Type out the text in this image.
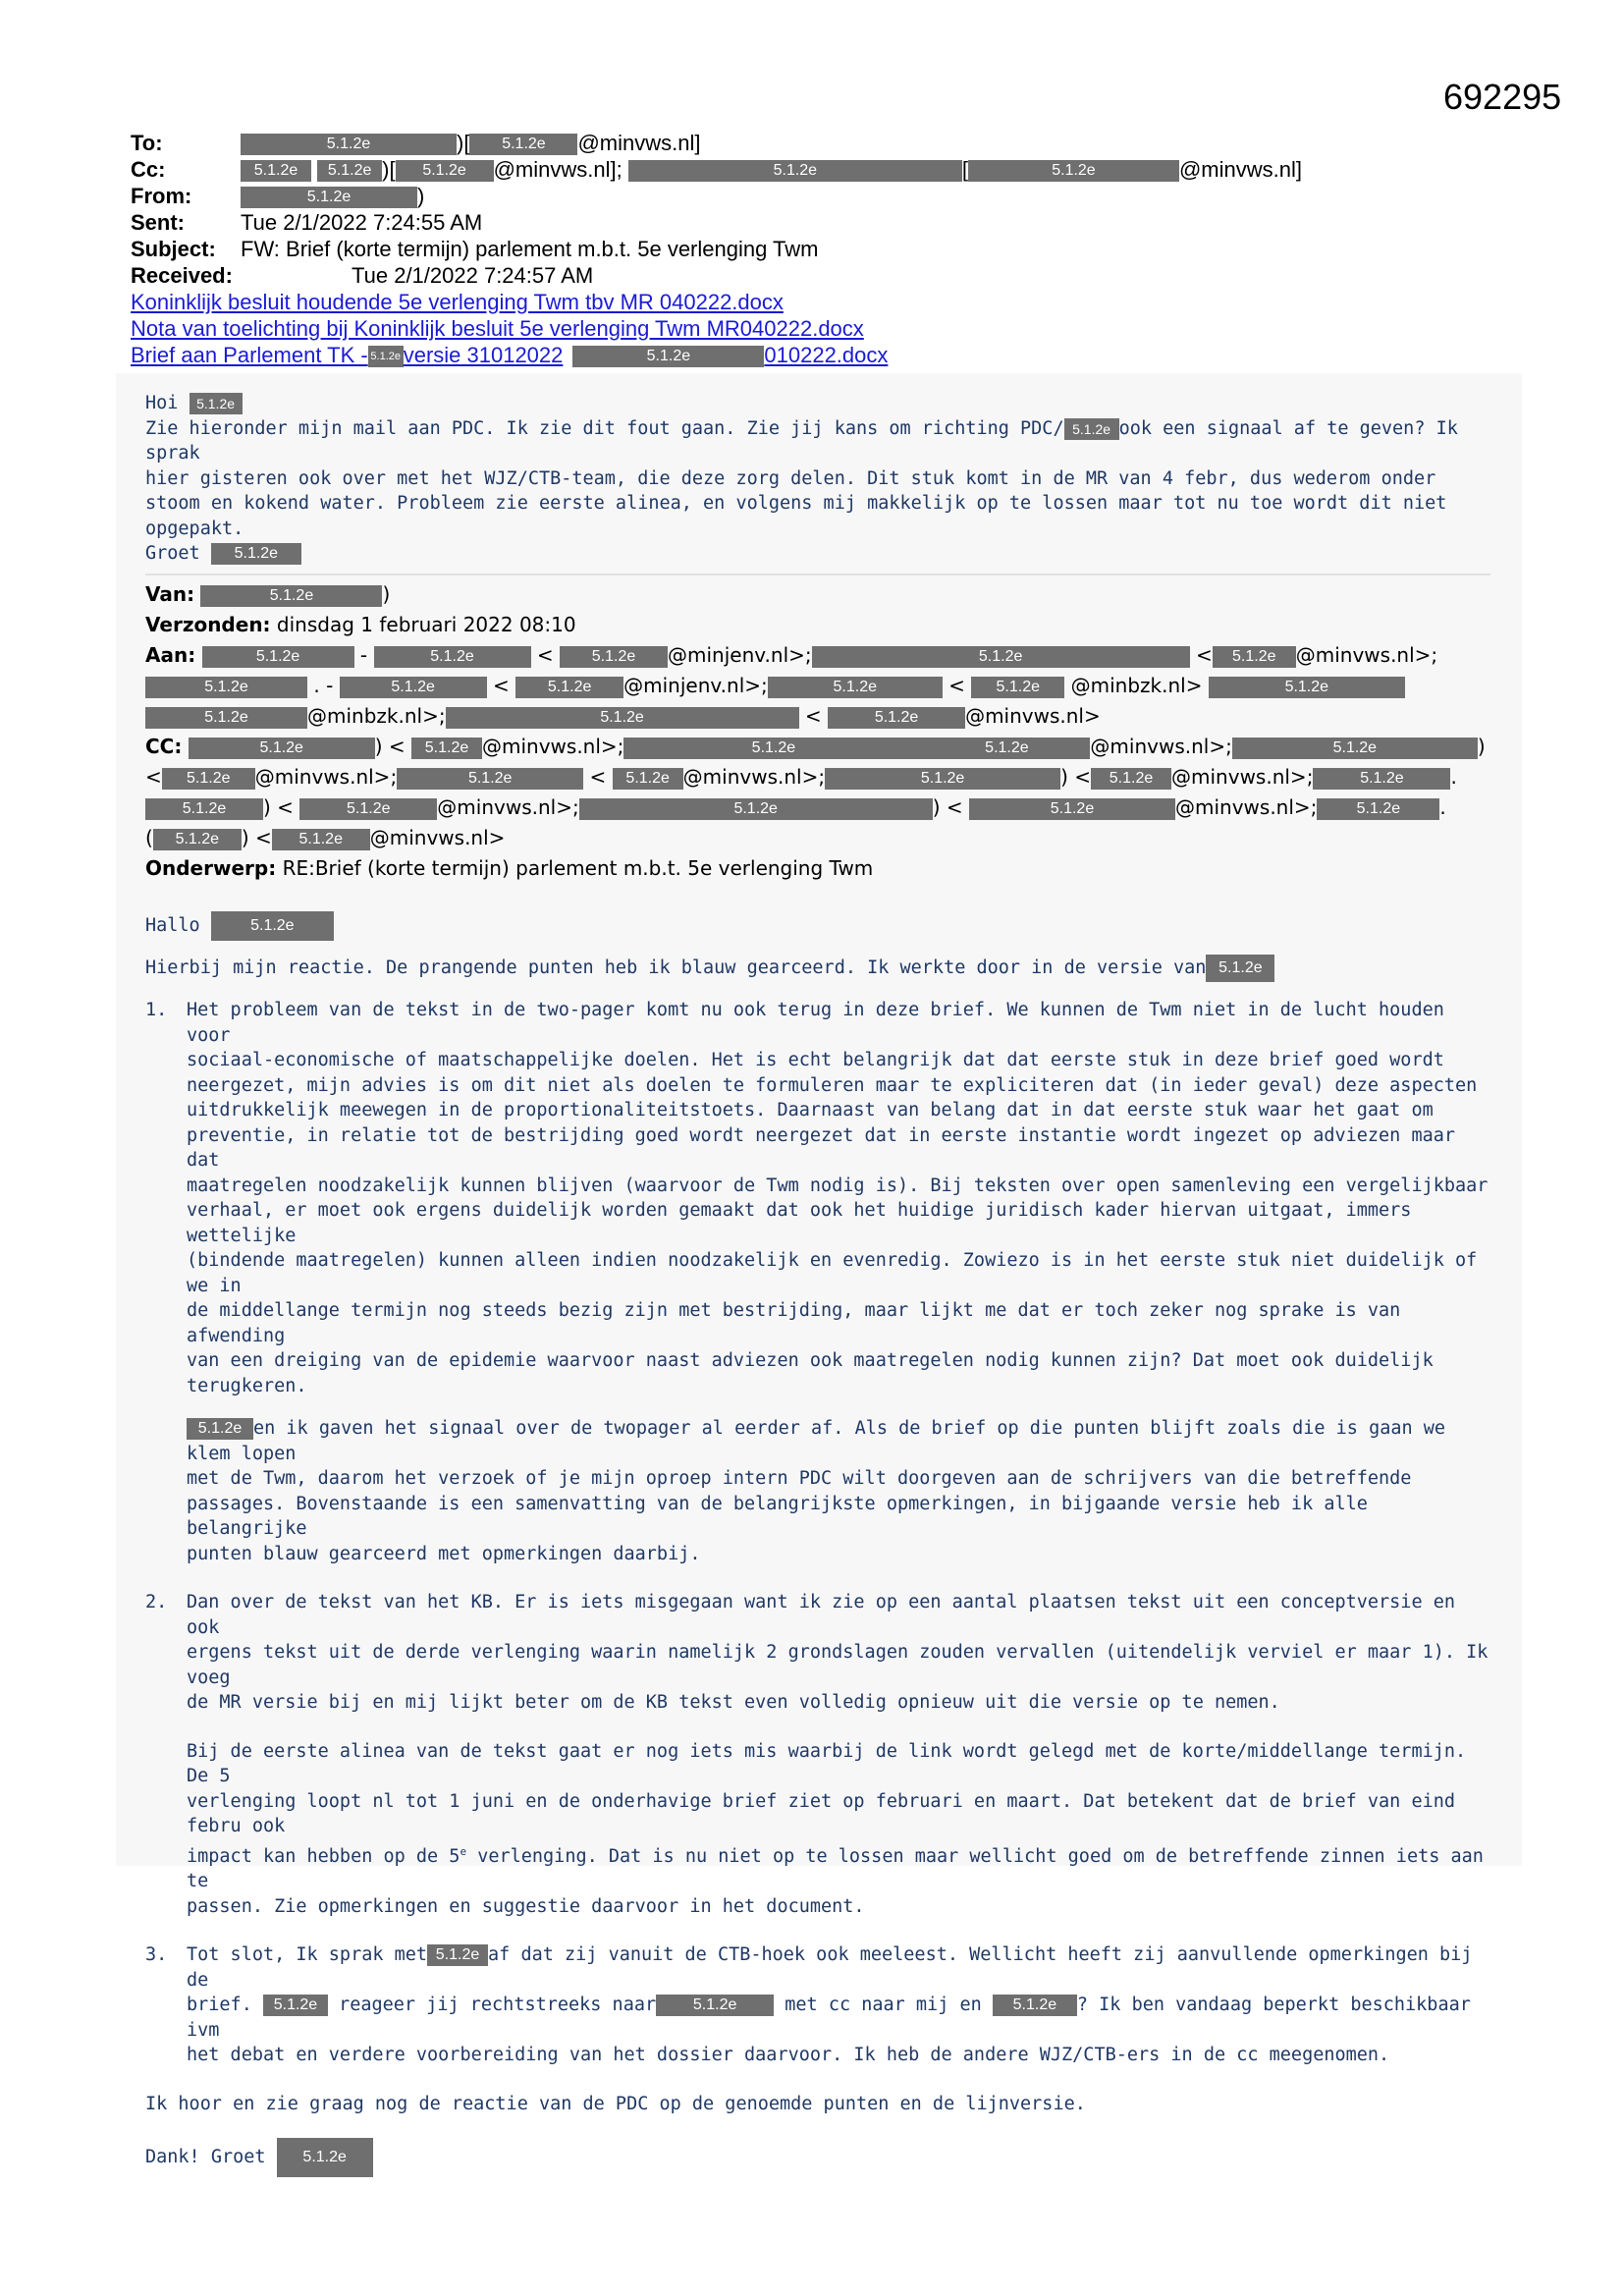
692295
To:	5.1.2e	)[ 5.1.2e @minvws.nl]
Cc:	5.1.2e 5.1.2e )[ 5.1.2e @minvws.nl];	5.1.2e	[	5.1.2e	@minvws.nl]
From:	5.1.2e	)
Sent:	Tue 2/1/2022 7:24:55 AM
Subject: FW: Brief (korte termijn) parlement m.b.t. 5e verlenging Twm
Received:	Tue 2/1/2022 7:24:57 AM
Koninklijk besluit houdende 5e verlenging Twm tbv MR 040222.docx
Nota van toelichting bij Koninklijk besluit 5e verlenging Twm MR040222.docx
Brief aan Parlement TK - 5.1.2e versie 31012022	5.1.2e	010222.docx
Hoi 5.1.2e
Zie hieronder mijn mail aan PDC. Ik zie dit fout gaan. Zie jij kans om richting PDC/ 5.1.2e ook een signaal af te geven? Ik sprak
hier gisteren ook over met het WJZ/CTB-team, die deze zorg delen. Dit stuk komt in de MR van 4 febr, dus wederom onder
stoom en kokend water. Probleem zie eerste alinea, en volgens mij makkelijk op te lossen maar tot nu toe wordt dit niet
opgepakt.
Groet 5.1.2e
Van:	5.1.2e	)
Verzonden: dinsdag 1 februari 2022 08:10
Aan:	5.1.2e	-	5.1.2e	< 5.1.2e @minjenv.nl>;	5.1.2e	< 5.1.2e @minvws.nl>;
5.1.2e	. -	5.1.2e	< 5.1.2e @minjenv.nl>;	5.1.2e	< 5.1.2e @minbzk.nl>	5.1.2e
5.1.2e	@minbzk.nl>;	5.1.2e	<	5.1.2e @minvws.nl>
CC:	5.1.2e	) < 5.1.2e @minvws.nl>;	5.1.2e	5.1.2e	@minvws.nl>;	5.1.2e	)
< 5.1.2e @minvws.nl>;	5.1.2e	< 5.1.2e @minvws.nl>;	5.1.2e	) < 5.1.2e @minvws.nl>;	5.1.2e .
5.1.2e ) <	5.1.2e @minvws.nl>;	5.1.2e	) <	5.1.2e	@minvws.nl>;	5.1.2e .
( 5.1.2e ) < 5.1.2e @minvws.nl>
Onderwerp: RE:Brief (korte termijn) parlement m.b.t. 5e verlenging Twm

Hallo	5.1.2e

Hierbij mijn reactie. De prangende punten heb ik blauw gearceerd. Ik werkte door in de versie van 5.1.2e

1. Het probleem van de tekst in de two-pager komt nu ook terug in deze brief. We kunnen de Twm niet in de lucht houden voor
sociaal-economische of maatschappelijke doelen. Het is echt belangrijk dat dat eerste stuk in deze brief goed wordt
neergezet, mijn advies is om dit niet als doelen te formuleren maar te expliciteren dat (in ieder geval) deze aspecten
uitdrukkelijk meewegen in de proportionaliteitstoets. Daarnaast van belang dat in dat eerste stuk waar het gaat om
preventie, in relatie tot de bestrijding goed wordt neergezet dat in eerste instantie wordt ingezet op adviezen maar dat
maatregelen noodzakelijk kunnen blijven (waarvoor de Twm nodig is). Bij teksten over open samenleving een vergelijkbaar
verhaal, er moet ook ergens duidelijk worden gemaakt dat ook het huidige juridisch kader hiervan uitgaat, immers wettelijke
(bindende maatregelen) kunnen alleen indien noodzakelijk en evenredig. Zowiezo is in het eerste stuk niet duidelijk of we in
de middellange termijn nog steeds bezig zijn met bestrijding, maar lijkt me dat er toch zeker nog sprake is van afwending
van een dreiging van de epidemie waarvoor naast adviezen ook maatregelen nodig kunnen zijn? Dat moet ook duidelijk
terugkeren.
5.1.2e en ik gaven het signaal over de twopager al eerder af. Als de brief op die punten blijft zoals die is gaan we klem lopen
met de Twm, daarom het verzoek of je mijn oproep intern PDC wilt doorgeven aan de schrijvers van die betreffende
passages. Bovenstaande is een samenvatting van de belangrijkste opmerkingen, in bijgaande versie heb ik alle belangrijke
punten blauw gearceerd met opmerkingen daarbij.
2. Dan over de tekst van het KB. Er is iets misgegaan want ik zie op een aantal plaatsen tekst uit een conceptversie en ook
ergens tekst uit de derde verlenging waarin namelijk 2 grondslagen zouden vervallen (uitendelijk verviel er maar 1). Ik voeg
de MR versie bij en mij lijkt beter om de KB tekst even volledig opnieuw uit die versie op te nemen.
Bij de eerste alinea van de tekst gaat er nog iets mis waarbij de link wordt gelegd met de korte/middellange termijn. De 5
verlenging loopt nl tot 1 juni en de onderhavige brief ziet op februari en maart. Dat betekent dat de brief van eind febru ook
impact kan hebben op de 5e verlenging. Dat is nu niet op te lossen maar wellicht goed om de betreffende zinnen iets aan te
passen. Zie opmerkingen en suggestie daarvoor in het document.
3. Tot slot, Ik sprak met 5.1.2e af dat zij vanuit de CTB-hoek ook meeleest. Wellicht heeft zij aanvullende opmerkingen bij de
brief. 5.1.2e reageer jij rechtstreeks naar 5.1.2e	met cc naar mij en 5.1.2e ? Ik ben vandaag beperkt beschikbaar ivm
het debat en verdere voorbereiding van het dossier daarvoor. Ik heb de andere WJZ/CTB-ers in de cc meegenomen.

Ik hoor en zie graag nog de reactie van de PDC op de genoemde punten en de lijnversie.

Dank! Groet 5.1.2e
